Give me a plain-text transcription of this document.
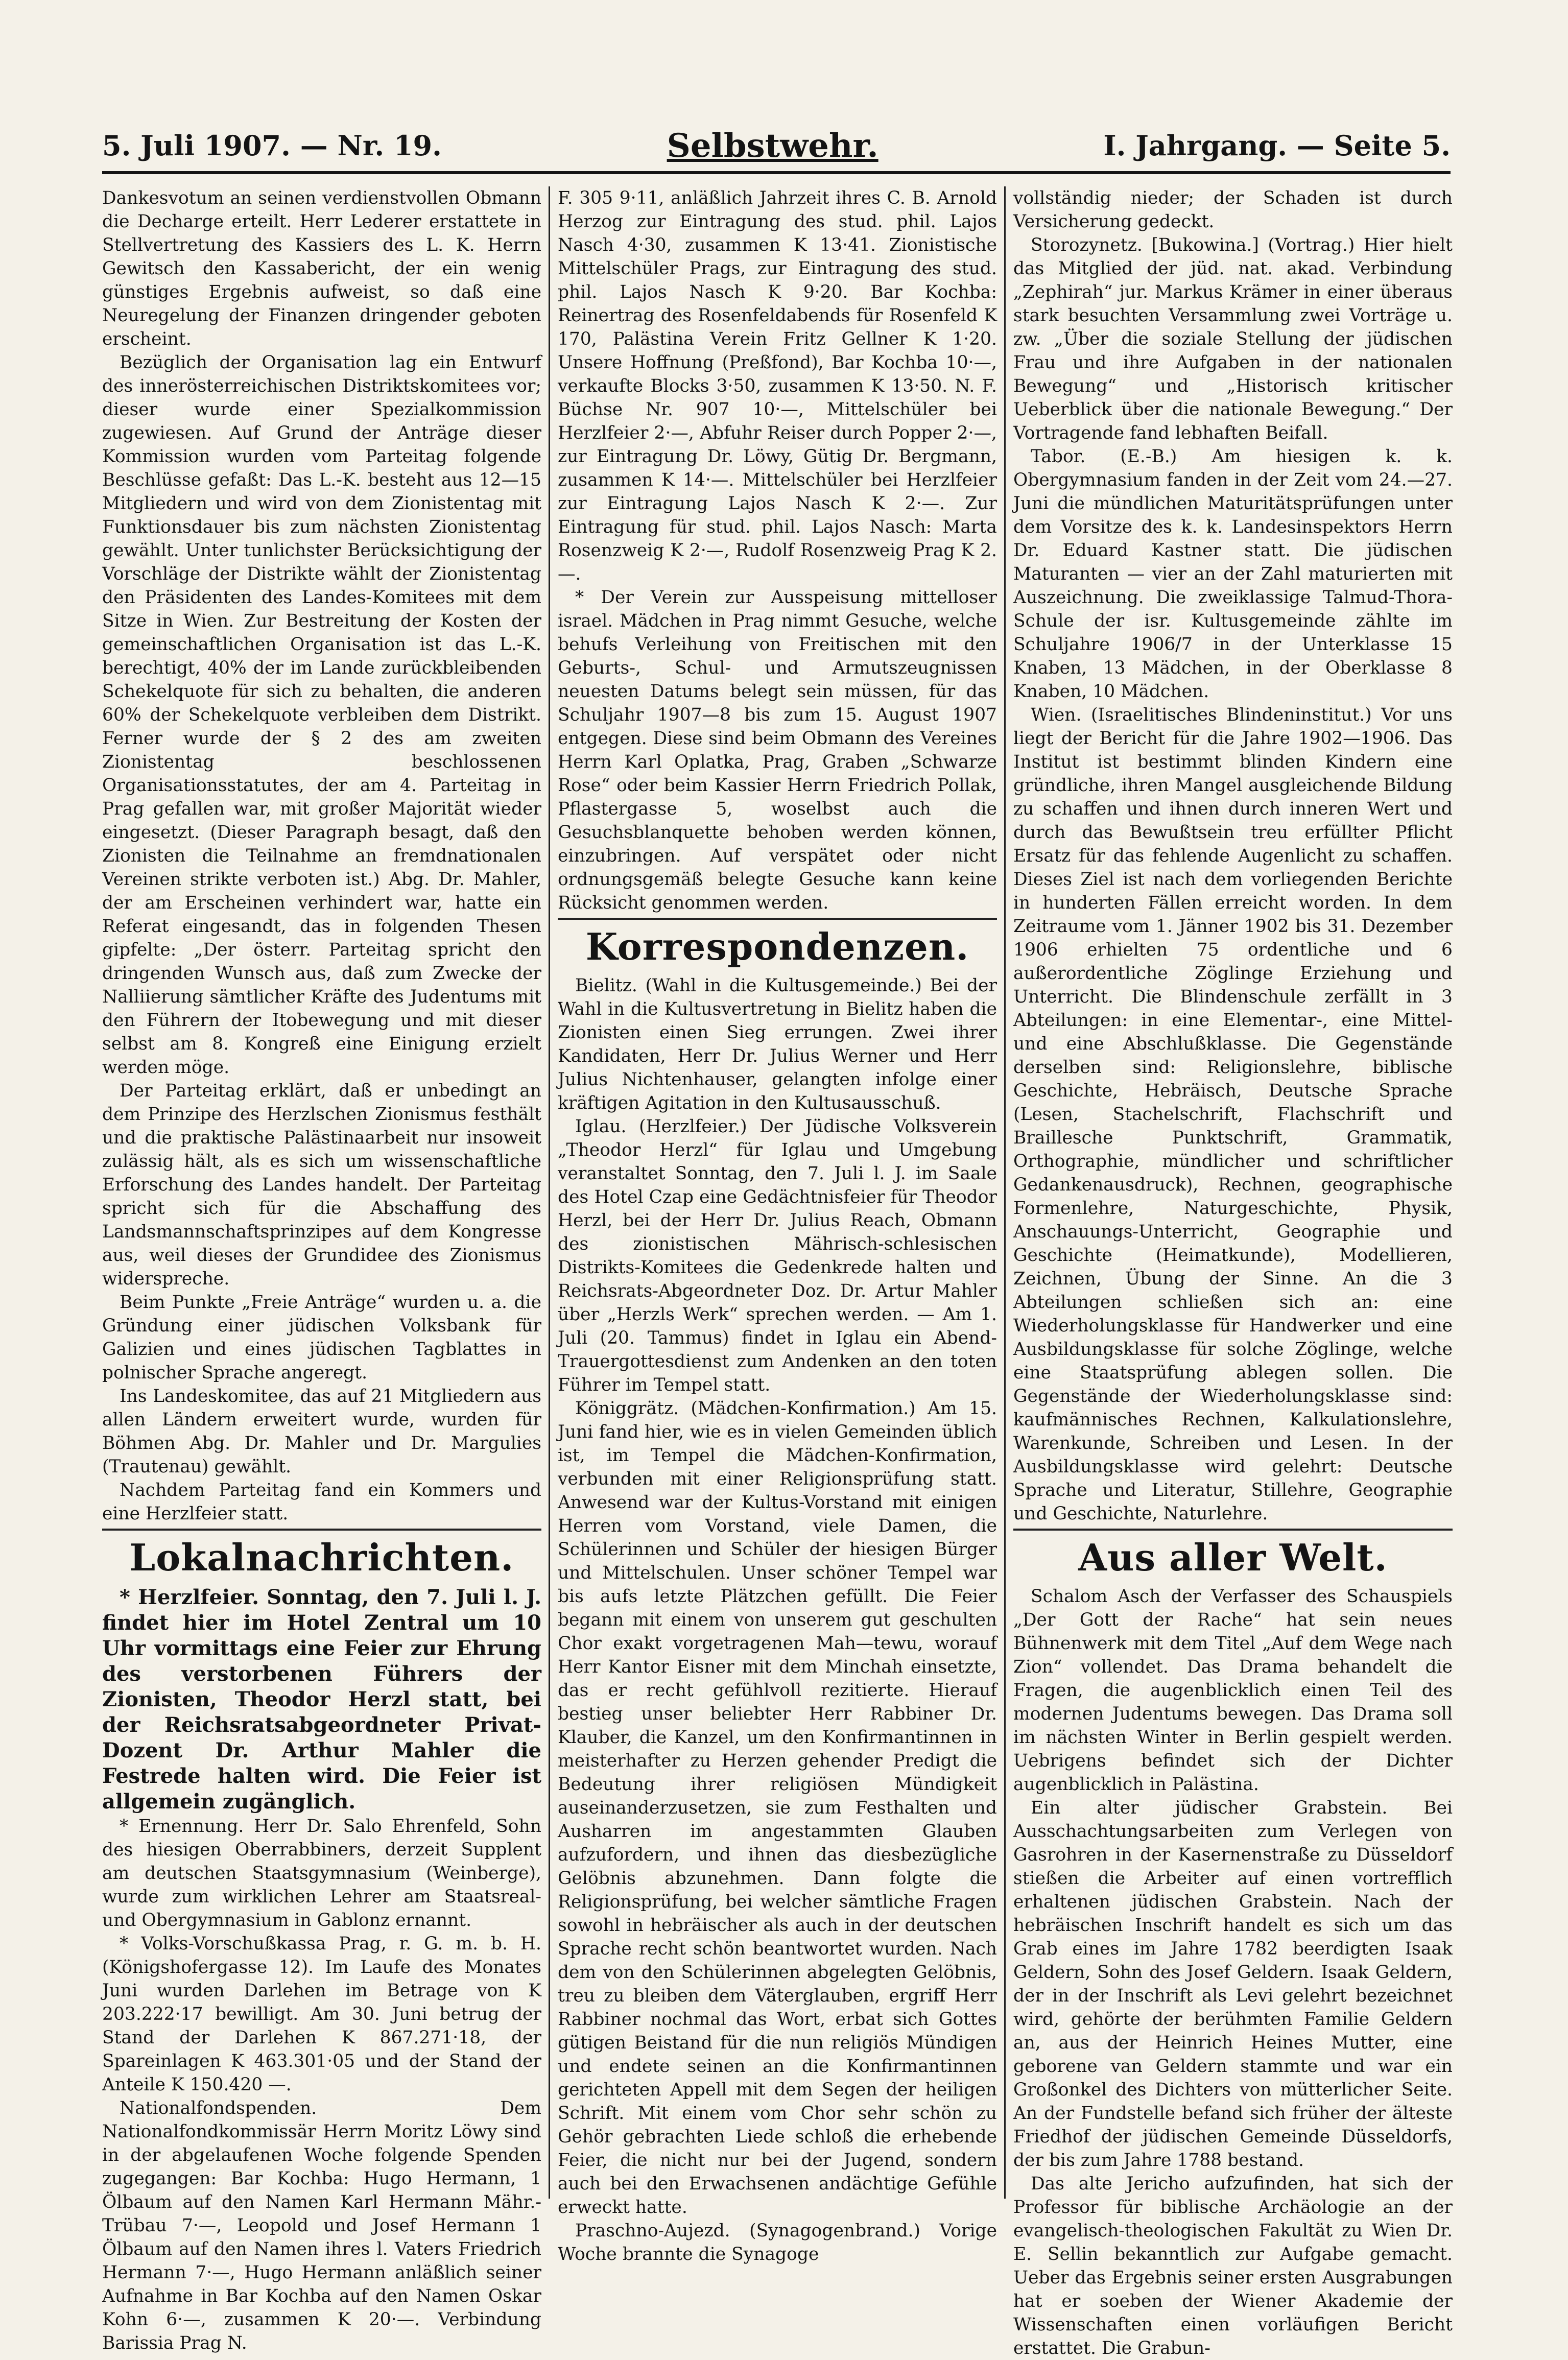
5. Juli 1907. — Nr. 19.	Selbstwehr.	I. Jahrgang. — Seite 5.

Dankesvotum an seinen verdienstvollen Obmann die Decharge erteilt. Herr Lederer erstattete in Stellvertretung des Kassiers des L. K. Herrn Gewitsch den Kassabericht, der ein wenig günstiges Ergebnis aufweist, so daß eine Neuregelung der Finanzen dringender geboten erscheint.

Bezüglich der Organisation lag ein Entwurf des innerösterreichischen Distriktskomitees vor; dieser wurde einer Spezialkommission zugewiesen. Auf Grund der Anträge dieser Kommission wurden vom Parteitag folgende Beschlüsse gefaßt: Das L.-K. besteht aus 12—15 Mitgliedern und wird von dem Zionistentag mit Funktionsdauer bis zum nächsten Zionistentag gewählt. Unter tunlichster Berücksichtigung der Vorschläge der Distrikte wählt der Zionistentag den Präsidenten des Landes-Komitees mit dem Sitze in Wien. Zur Bestreitung der Kosten der gemeinschaftlichen Organisation ist das L.-K. berechtigt, 40% der im Lande zurückbleibenden Schekelquote für sich zu behalten, die anderen 60% der Schekelquote verbleiben dem Distrikt. Ferner wurde der § 2 des am zweiten Zionistentag beschlossenen Organisationsstatutes, der am 4. Parteitag in Prag gefallen war, mit großer Majorität wieder eingesetzt. (Dieser Paragraph besagt, daß den Zionisten die Teilnahme an fremdnationalen Vereinen strikte verboten ist.) Abg. Dr. Mahler, der am Erscheinen verhindert war, hatte ein Referat eingesandt, das in folgenden Thesen gipfelte: „Der österr. Parteitag spricht den dringenden Wunsch aus, daß zum Zwecke der Nalliierung sämtlicher Kräfte des Judentums mit den Führern der Itobewegung und mit dieser selbst am 8. Kongreß eine Einigung erzielt werden möge.

Der Parteitag erklärt, daß er unbedingt an dem Prinzipe des Herzlschen Zionismus festhält und die praktische Palästinaarbeit nur insoweit zulässig hält, als es sich um wissenschaftliche Erforschung des Landes handelt. Der Parteitag spricht sich für die Abschaffung des Landsmannschaftsprinzipes auf dem Kongresse aus, weil dieses der Grundidee des Zionismus widerspreche.

Beim Punkte „Freie Anträge“ wurden u. a. die Gründung einer jüdischen Volksbank für Galizien und eines jüdischen Tagblattes in polnischer Sprache angeregt.

Ins Landeskomitee, das auf 21 Mitgliedern aus allen Ländern erweitert wurde, wurden für Böhmen Abg. Dr. Mahler und Dr. Margulies (Trautenau) gewählt.

Nachdem Parteitag fand ein Kommers und eine Herzlfeier statt.

Lokalnachrichten.

* Herzlfeier. Sonntag, den 7. Juli l. J. findet hier im Hotel Zentral um 10 Uhr vormittags eine Feier zur Ehrung des verstorbenen Führers der Zionisten, Theodor Herzl statt, bei der Reichsratsabgeordneter Privat-Dozent Dr. Arthur Mahler die Festrede halten wird. Die Feier ist allgemein zugänglich.

* Ernennung. Herr Dr. Salo Ehrenfeld, Sohn des hiesigen Oberrabbiners, derzeit Supplent am deutschen Staatsgymnasium (Weinberge), wurde zum wirklichen Lehrer am Staatsreal- und Obergymnasium in Gablonz ernannt.

* Volks-Vorschußkassa Prag, r. G. m. b. H. (Königshofergasse 12). Im Laufe des Monates Juni wurden Darlehen im Betrage von K 203.222·17 bewilligt. Am 30. Juni betrug der Stand der Darlehen K 867.271·18, der Spareinlagen K 463.301·05 und der Stand der Anteile K 150.420 —.

Nationalfondspenden. Dem Nationalfondkommissär Herrn Moritz Löwy sind in der abgelaufenen Woche folgende Spenden zugegangen: Bar Kochba: Hugo Hermann, 1 Ölbaum auf den Namen Karl Hermann Mähr.-Trübau 7·—, Leopold und Josef Hermann 1 Ölbaum auf den Namen ihres l. Vaters Friedrich Hermann 7·—, Hugo Hermann anläßlich seiner Aufnahme in Bar Kochba auf den Namen Oskar Kohn 6·—, zusammen K 20·—. Verbindung Barissia Prag N.

F. 305 9·11, anläßlich Jahrzeit ihres C. B. Arnold Herzog zur Eintragung des stud. phil. Lajos Nasch 4·30, zusammen K 13·41. Zionistische Mittelschüler Prags, zur Eintragung des stud. phil. Lajos Nasch K 9·20. Bar Kochba: Reinertrag des Rosenfeldabends für Rosenfeld K 170, Palästina Verein Fritz Gellner K 1·20. Unsere Hoffnung (Preßfond), Bar Kochba 10·—, verkaufte Blocks 3·50, zusammen K 13·50. N. F. Büchse Nr. 907 10·—, Mittelschüler bei Herzlfeier 2·—, Abfuhr Reiser durch Popper 2·—, zur Eintragung Dr. Löwy, Gütig Dr. Bergmann, zusammen K 14·—. Mittelschüler bei Herzlfeier zur Eintragung Lajos Nasch K 2·—. Zur Eintragung für stud. phil. Lajos Nasch: Marta Rosenzweig K 2·—, Rudolf Rosenzweig Prag K 2.—.

* Der Verein zur Ausspeisung mittelloser israel. Mädchen in Prag nimmt Gesuche, welche behufs Verleihung von Freitischen mit den Geburts-, Schul- und Armutszeugnissen neuesten Datums belegt sein müssen, für das Schuljahr 1907—8 bis zum 15. August 1907 entgegen. Diese sind beim Obmann des Vereines Herrn Karl Oplatka, Prag, Graben „Schwarze Rose“ oder beim Kassier Herrn Friedrich Pollak, Pflastergasse 5, woselbst auch die Gesuchsblanquette behoben werden können, einzubringen. Auf verspätet oder nicht ordnungsgemäß belegte Gesuche kann keine Rücksicht genommen werden.

Korrespondenzen.

Bielitz. (Wahl in die Kultusgemeinde.) Bei der Wahl in die Kultusvertretung in Bielitz haben die Zionisten einen Sieg errungen. Zwei ihrer Kandidaten, Herr Dr. Julius Werner und Herr Julius Nichtenhauser, gelangten infolge einer kräftigen Agitation in den Kultusausschuß.

Iglau. (Herzlfeier.) Der Jüdische Volksverein „Theodor Herzl“ für Iglau und Umgebung veranstaltet Sonntag, den 7. Juli l. J. im Saale des Hotel Czap eine Gedächtnisfeier für Theodor Herzl, bei der Herr Dr. Julius Reach, Obmann des zionistischen Mährisch-schlesischen Distrikts-Komitees die Gedenkrede halten und Reichsrats-Abgeordneter Doz. Dr. Artur Mahler über „Herzls Werk“ sprechen werden. — Am 1. Juli (20. Tammus) findet in Iglau ein Abend-Trauergottesdienst zum Andenken an den toten Führer im Tempel statt.

Königgrätz. (Mädchen-Konfirmation.) Am 15. Juni fand hier, wie es in vielen Gemeinden üblich ist, im Tempel die Mädchen-Konfirmation, verbunden mit einer Religionsprüfung statt. Anwesend war der Kultus-Vorstand mit einigen Herren vom Vorstand, viele Damen, die Schülerinnen und Schüler der hiesigen Bürger und Mittelschulen. Unser schöner Tempel war bis aufs letzte Plätzchen gefüllt. Die Feier begann mit einem von unserem gut geschulten Chor exakt vorgetragenen Mah—tewu, worauf Herr Kantor Eisner mit dem Minchah einsetzte, das er recht gefühlvoll rezitierte. Hierauf bestieg unser beliebter Herr Rabbiner Dr. Klauber, die Kanzel, um den Konfirmantinnen in meisterhafter zu Herzen gehender Predigt die Bedeutung ihrer religiösen Mündigkeit auseinanderzusetzen, sie zum Festhalten und Ausharren im angestammten Glauben aufzufordern, und ihnen das diesbezügliche Gelöbnis abzunehmen. Dann folgte die Religionsprüfung, bei welcher sämtliche Fragen sowohl in hebräischer als auch in der deutschen Sprache recht schön beantwortet wurden. Nach dem von den Schülerinnen abgelegten Gelöbnis, treu zu bleiben dem Väterglauben, ergriff Herr Rabbiner nochmal das Wort, erbat sich Gottes gütigen Beistand für die nun religiös Mündigen und endete seinen an die Konfirmantinnen gerichteten Appell mit dem Segen der heiligen Schrift. Mit einem vom Chor sehr schön zu Gehör gebrachten Liede schloß die erhebende Feier, die nicht nur bei der Jugend, sondern auch bei den Erwachsenen andächtige Gefühle erweckt hatte.

Praschno-Aujezd. (Synagogenbrand.) Vorige Woche brannte die Synagoge

vollständig nieder; der Schaden ist durch Versicherung gedeckt.

Storozynetz. [Bukowina.] (Vortrag.) Hier hielt das Mitglied der jüd. nat. akad. Verbindung „Zephirah“ jur. Markus Krämer in einer überaus stark besuchten Versammlung zwei Vorträge u. zw. „Über die soziale Stellung der jüdischen Frau und ihre Aufgaben in der nationalen Bewegung“ und „Historisch kritischer Ueberblick über die nationale Bewegung.“ Der Vortragende fand lebhaften Beifall.

Tabor. (E.-B.) Am hiesigen k. k. Obergymnasium fanden in der Zeit vom 24.—27. Juni die mündlichen Maturitätsprüfungen unter dem Vorsitze des k. k. Landesinspektors Herrn Dr. Eduard Kastner statt. Die jüdischen Maturanten — vier an der Zahl maturierten mit Auszeichnung. Die zweiklassige Talmud-Thora-Schule der isr. Kultusgemeinde zählte im Schuljahre 1906/7 in der Unterklasse 15 Knaben, 13 Mädchen, in der Oberklasse 8 Knaben, 10 Mädchen.

Wien. (Israelitisches Blindeninstitut.) Vor uns liegt der Bericht für die Jahre 1902—1906. Das Institut ist bestimmt blinden Kindern eine gründliche, ihren Mangel ausgleichende Bildung zu schaffen und ihnen durch inneren Wert und durch das Bewußtsein treu erfüllter Pflicht Ersatz für das fehlende Augenlicht zu schaffen. Dieses Ziel ist nach dem vorliegenden Berichte in hunderten Fällen erreicht worden. In dem Zeitraume vom 1. Jänner 1902 bis 31. Dezember 1906 erhielten 75 ordentliche und 6 außerordentliche Zöglinge Erziehung und Unterricht. Die Blindenschule zerfällt in 3 Abteilungen: in eine Elementar-, eine Mittel- und eine Abschlußklasse. Die Gegenstände derselben sind: Religionslehre, biblische Geschichte, Hebräisch, Deutsche Sprache (Lesen, Stachelschrift, Flachschrift und Braillesche Punktschrift, Grammatik, Orthographie, mündlicher und schriftlicher Gedankenausdruck), Rechnen, geographische Formenlehre, Naturgeschichte, Physik, Anschauungs-Unterricht, Geographie und Geschichte (Heimatkunde), Modellieren, Zeichnen, Übung der Sinne. An die 3 Abteilungen schließen sich an: eine Wiederholungsklasse für Handwerker und eine Ausbildungsklasse für solche Zöglinge, welche eine Staatsprüfung ablegen sollen. Die Gegenstände der Wiederholungsklasse sind: kaufmännisches Rechnen, Kalkulationslehre, Warenkunde, Schreiben und Lesen. In der Ausbildungsklasse wird gelehrt: Deutsche Sprache und Literatur, Stillehre, Geographie und Geschichte, Naturlehre.

Aus aller Welt.

Schalom Asch der Verfasser des Schauspiels „Der Gott der Rache“ hat sein neues Bühnenwerk mit dem Titel „Auf dem Wege nach Zion“ vollendet. Das Drama behandelt die Fragen, die augenblicklich einen Teil des modernen Judentums bewegen. Das Drama soll im nächsten Winter in Berlin gespielt werden. Uebrigens befindet sich der Dichter augenblicklich in Palästina.

Ein alter jüdischer Grabstein. Bei Ausschachtungsarbeiten zum Verlegen von Gasrohren in der Kasernenstraße zu Düsseldorf stießen die Arbeiter auf einen vortrefflich erhaltenen jüdischen Grabstein. Nach der hebräischen Inschrift handelt es sich um das Grab eines im Jahre 1782 beerdigten Isaak Geldern, Sohn des Josef Geldern. Isaak Geldern, der in der Inschrift als Levi gelehrt bezeichnet wird, gehörte der berühmten Familie Geldern an, aus der Heinrich Heines Mutter, eine geborene van Geldern stammte und war ein Großonkel des Dichters von mütterlicher Seite. An der Fundstelle befand sich früher der älteste Friedhof der jüdischen Gemeinde Düsseldorfs, der bis zum Jahre 1788 bestand.

Das alte Jericho aufzufinden, hat sich der Professor für biblische Archäologie an der evangelisch-theologischen Fakultät zu Wien Dr. E. Sellin bekanntlich zur Aufgabe gemacht. Ueber das Ergebnis seiner ersten Ausgrabungen hat er soeben der Wiener Akademie der Wissenschaften einen vorläufigen Bericht erstattet. Die Grabun-
